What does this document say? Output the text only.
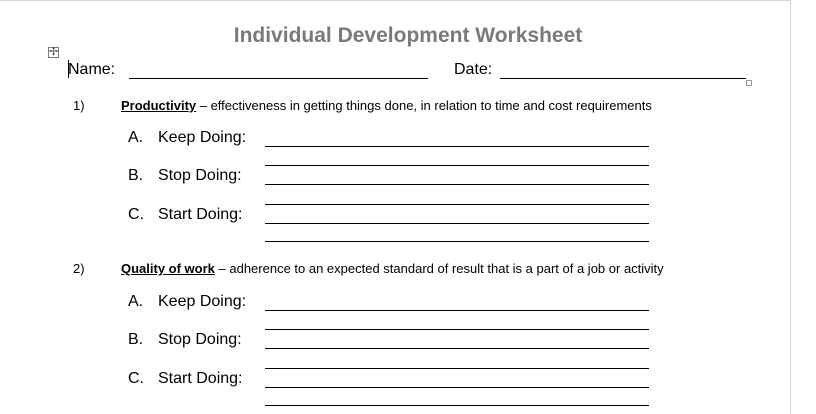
Individual Development Worksheet
✢
Name:	Date:
1)	Productivity – effectiveness in getting things done, in relation to time and cost requirements
A. Keep Doing:
B. Stop Doing:
C. Start Doing:
2)	Quality of work – adherence to an expected standard of result that is a part of a job or activity
A. Keep Doing:
B. Stop Doing:
C. Start Doing:
